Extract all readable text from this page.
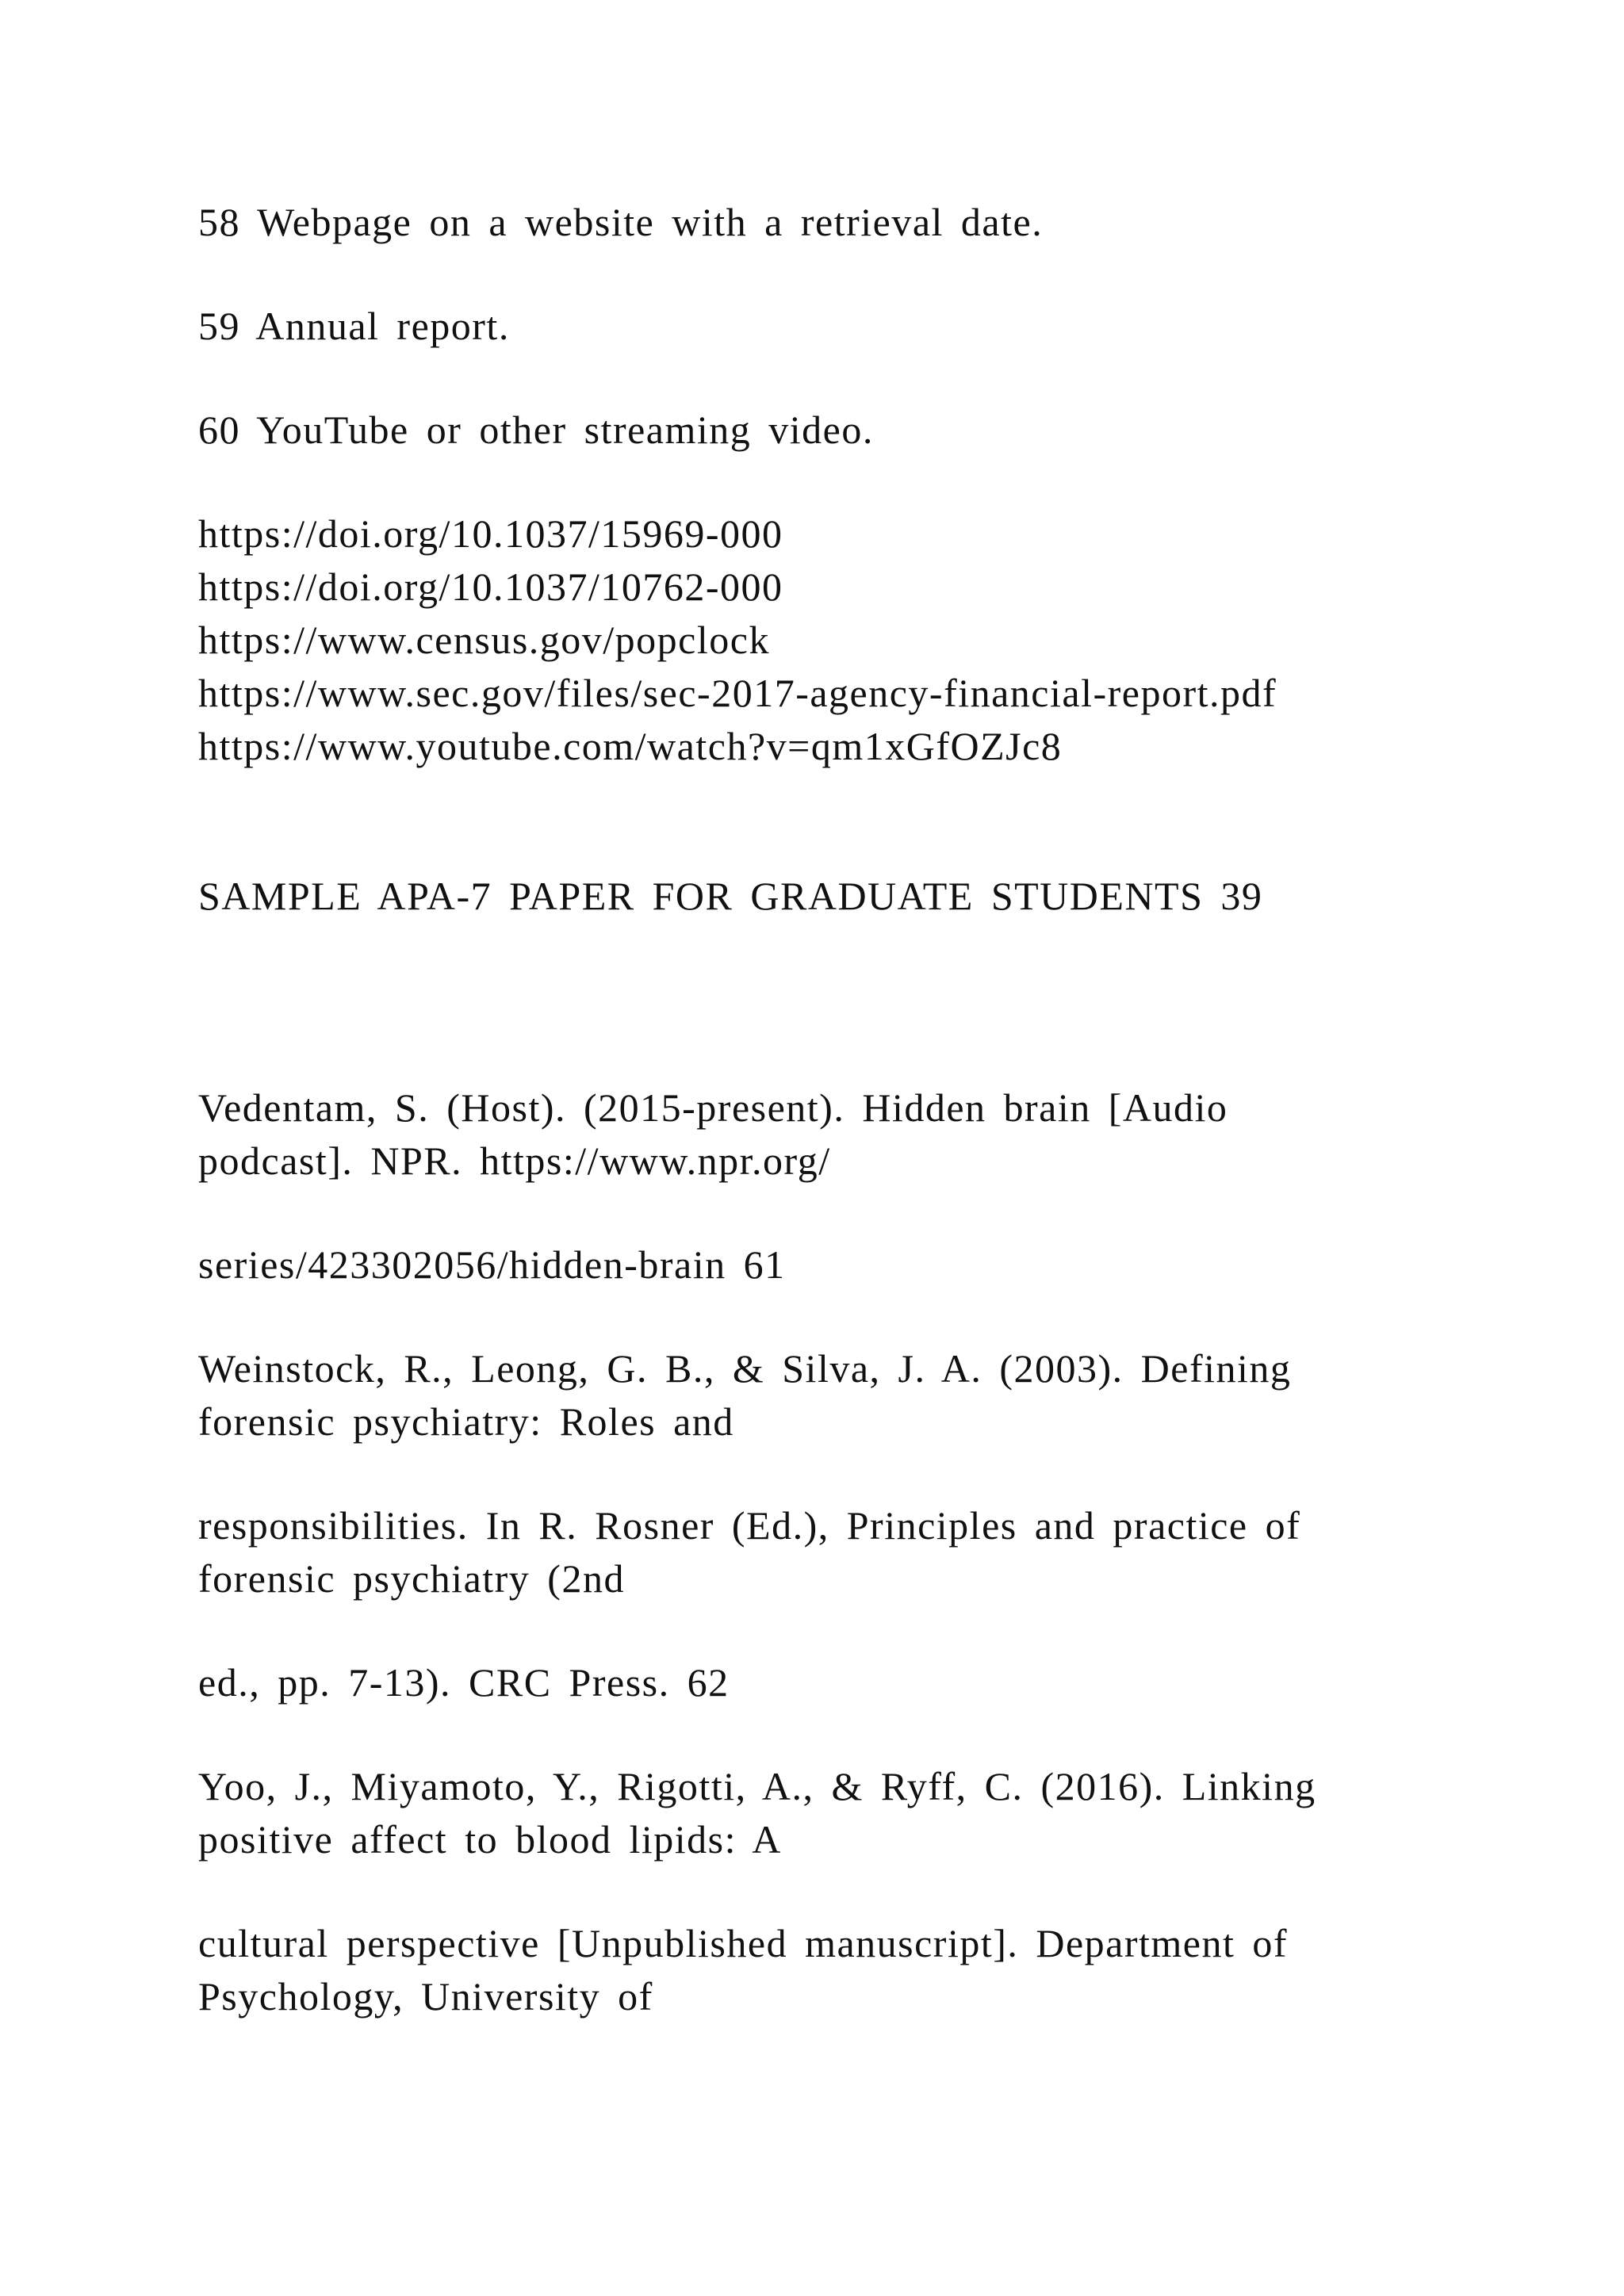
58 Webpage on a website with a retrieval date.
59 Annual report.
60 YouTube or other streaming video.
https://doi.org/10.1037/15969-000
https://doi.org/10.1037/10762-000
https://www.census.gov/popclock
https://www.sec.gov/files/sec-2017-agency-financial-report.pdf
https://www.youtube.com/watch?v=qm1xGfOZJc8
SAMPLE APA-7 PAPER FOR GRADUATE STUDENTS 39
Vedentam, S. (Host). (2015-present). Hidden brain [Audio
podcast]. NPR. https://www.npr.org/
series/423302056/hidden-brain 61
Weinstock, R., Leong, G. B., & Silva, J. A. (2003). Defining
forensic psychiatry: Roles and
responsibilities. In R. Rosner (Ed.), Principles and practice of
forensic psychiatry (2nd
ed., pp. 7-13). CRC Press. 62
Yoo, J., Miyamoto, Y., Rigotti, A., & Ryff, C. (2016). Linking
positive affect to blood lipids: A
cultural perspective [Unpublished manuscript]. Department of
Psychology, University of
